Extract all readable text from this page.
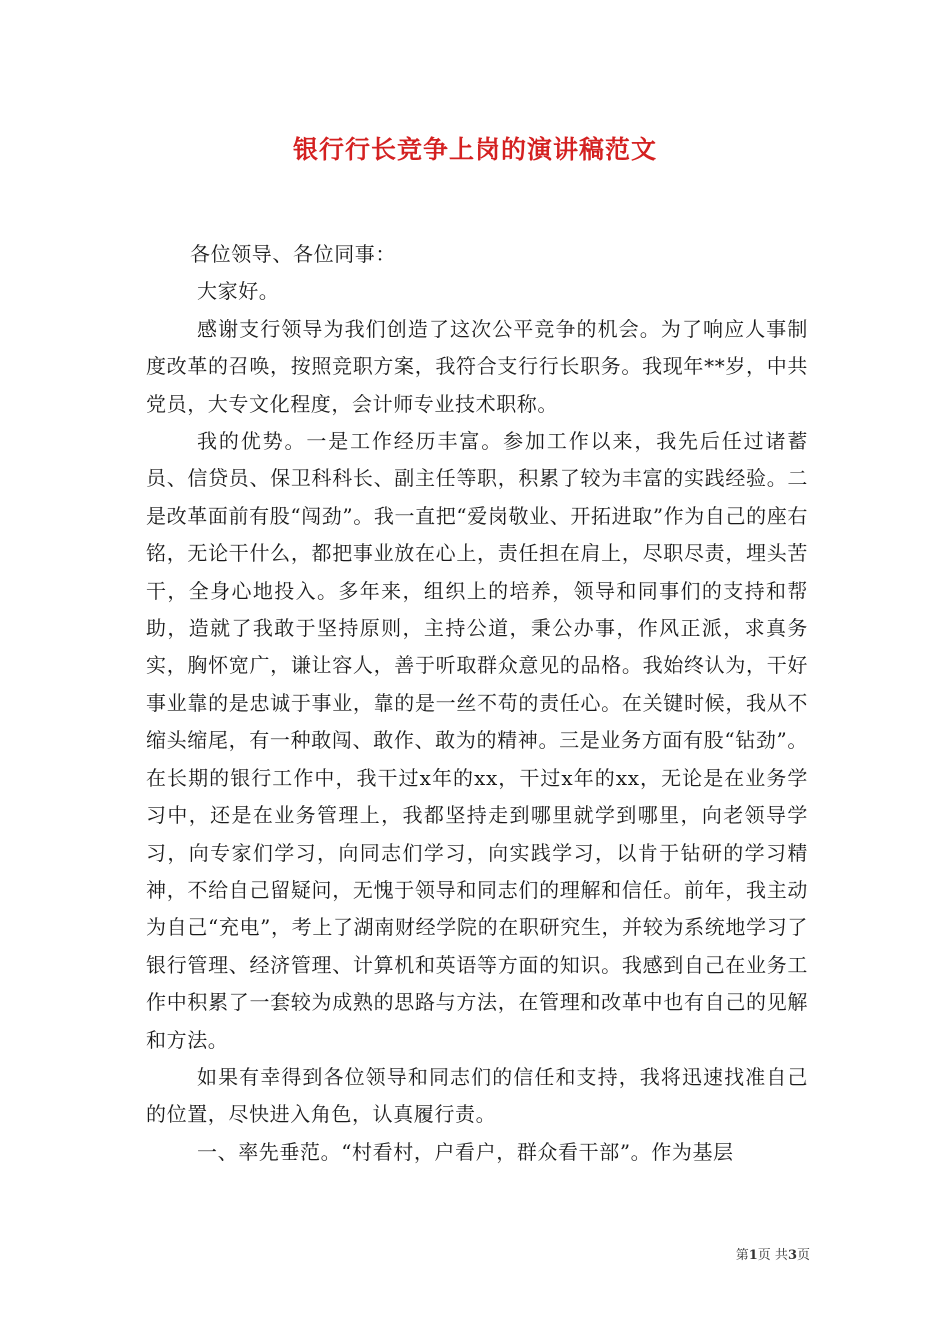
银行行长竞争上岗的演讲稿范文

各位领导、各位同事：

大家好。

感谢支行领导为我们创造了这次公平竞争的机会。为了响应人事制度改革的召唤，按照竞职方案，我符合支行行长职务。我现年**岁，中共党员，大专文化程度，会计师专业技术职称。

我的优势。一是工作经历丰富。参加工作以来，我先后任过诸蓄员、信贷员、保卫科科长、副主任等职，积累了较为丰富的实践经验。二是改革面前有股“闯劲”。我一直把“爱岗敬业、开拓进取”作为自己的座右铭，无论干什么，都把事业放在心上，责任担在肩上，尽职尽责，埋头苦干，全身心地投入。多年来，组织上的培养，领导和同事们的支持和帮助，造就了我敢于坚持原则，主持公道，秉公办事，作风正派，求真务实，胸怀宽广，谦让容人，善于听取群众意见的品格。我始终认为，干好事业靠的是忠诚于事业，靠的是一丝不苟的责任心。在关键时候，我从不缩头缩尾，有一种敢闯、敢作、敢为的精神。三是业务方面有股“钻劲”。在长期的银行工作中，我干过x年的xx，干过x年的xx，无论是在业务学习中，还是在业务管理上，我都坚持走到哪里就学到哪里，向老领导学习，向专家们学习，向同志们学习，向实践学习，以肯于钻研的学习精神，不给自己留疑问，无愧于领导和同志们的理解和信任。前年，我主动为自己“充电”，考上了湖南财经学院的在职研究生，并较为系统地学习了银行管理、经济管理、计算机和英语等方面的知识。我感到自己在业务工作中积累了一套较为成熟的思路与方法，在管理和改革中也有自己的见解和方法。

如果有幸得到各位领导和同志们的信任和支持，我将迅速找准自己的位置，尽快进入角色，认真履行责。

一、率先垂范。“村看村，户看户，群众看干部”。作为基层

第1页 共3页
